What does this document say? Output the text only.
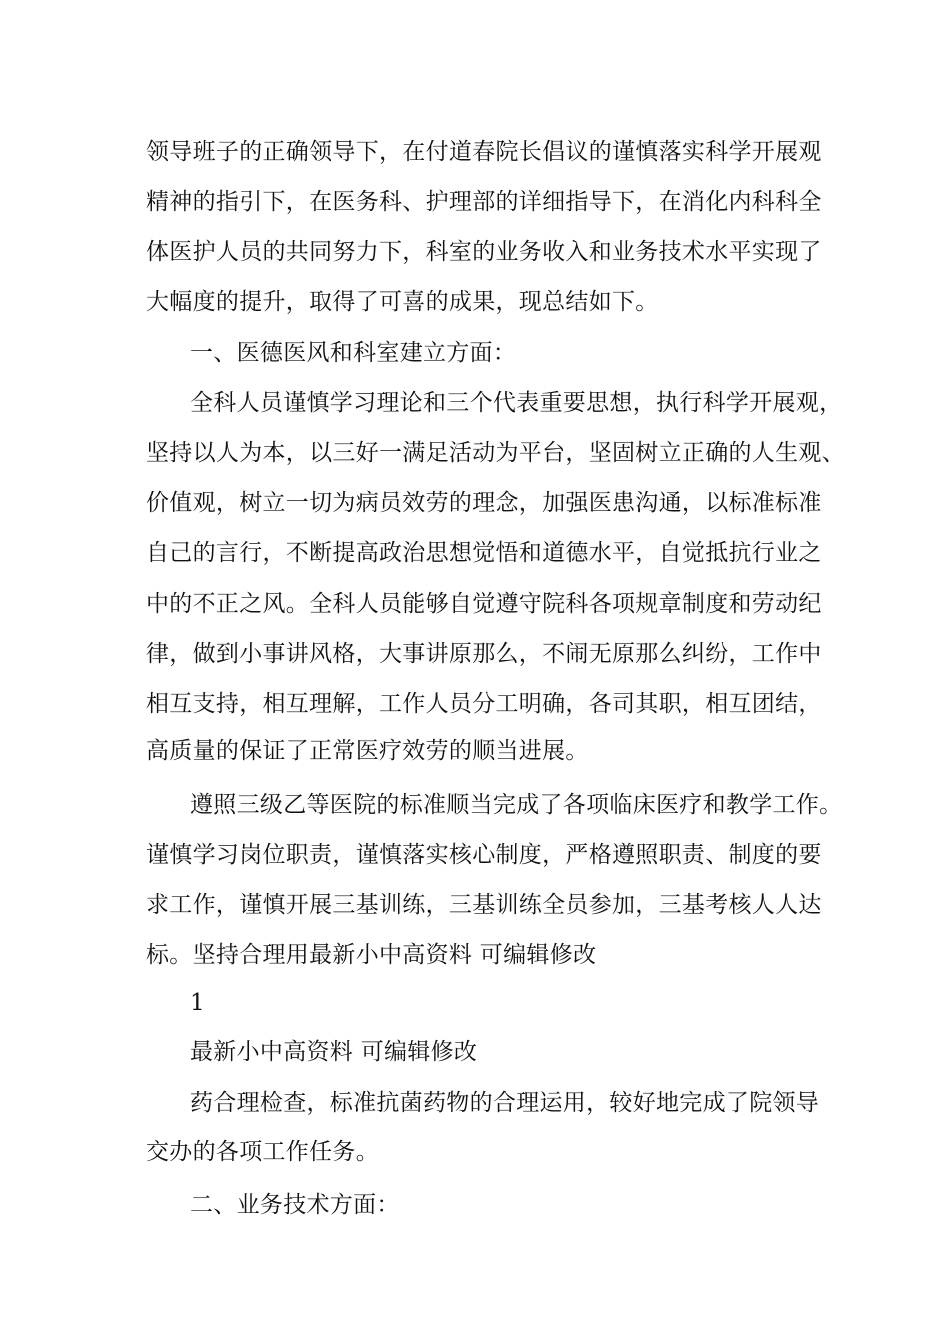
领导班子的正确领导下，在付道春院长倡议的谨慎落实科学开展观
精神的指引下，在医务科、护理部的详细指导下，在消化内科科全
体医护人员的共同努力下，科室的业务收入和业务技术水平实现了
大幅度的提升，取得了可喜的成果，现总结如下。
一、医德医风和科室建立方面：
全科人员谨慎学习理论和三个代表重要思想，执行科学开展观，
坚持以人为本，以三好一满足活动为平台，坚固树立正确的人生观、
价值观，树立一切为病员效劳的理念，加强医患沟通，以标准标准
自己的言行，不断提高政治思想觉悟和道德水平，自觉抵抗行业之
中的不正之风。全科人员能够自觉遵守院科各项规章制度和劳动纪
律，做到小事讲风格，大事讲原那么，不闹无原那么纠纷，工作中
相互支持，相互理解，工作人员分工明确，各司其职，相互团结，
高质量的保证了正常医疗效劳的顺当进展。
遵照三级乙等医院的标准顺当完成了各项临床医疗和教学工作。
谨慎学习岗位职责，谨慎落实核心制度，严格遵照职责、制度的要
求工作，谨慎开展三基训练，三基训练全员参加，三基考核人人达
标。坚持合理用最新小中高资料 可编辑修改
1
最新小中高资料 可编辑修改
药合理检查，标准抗菌药物的合理运用，较好地完成了院领导
交办的各项工作任务。
二、业务技术方面：
